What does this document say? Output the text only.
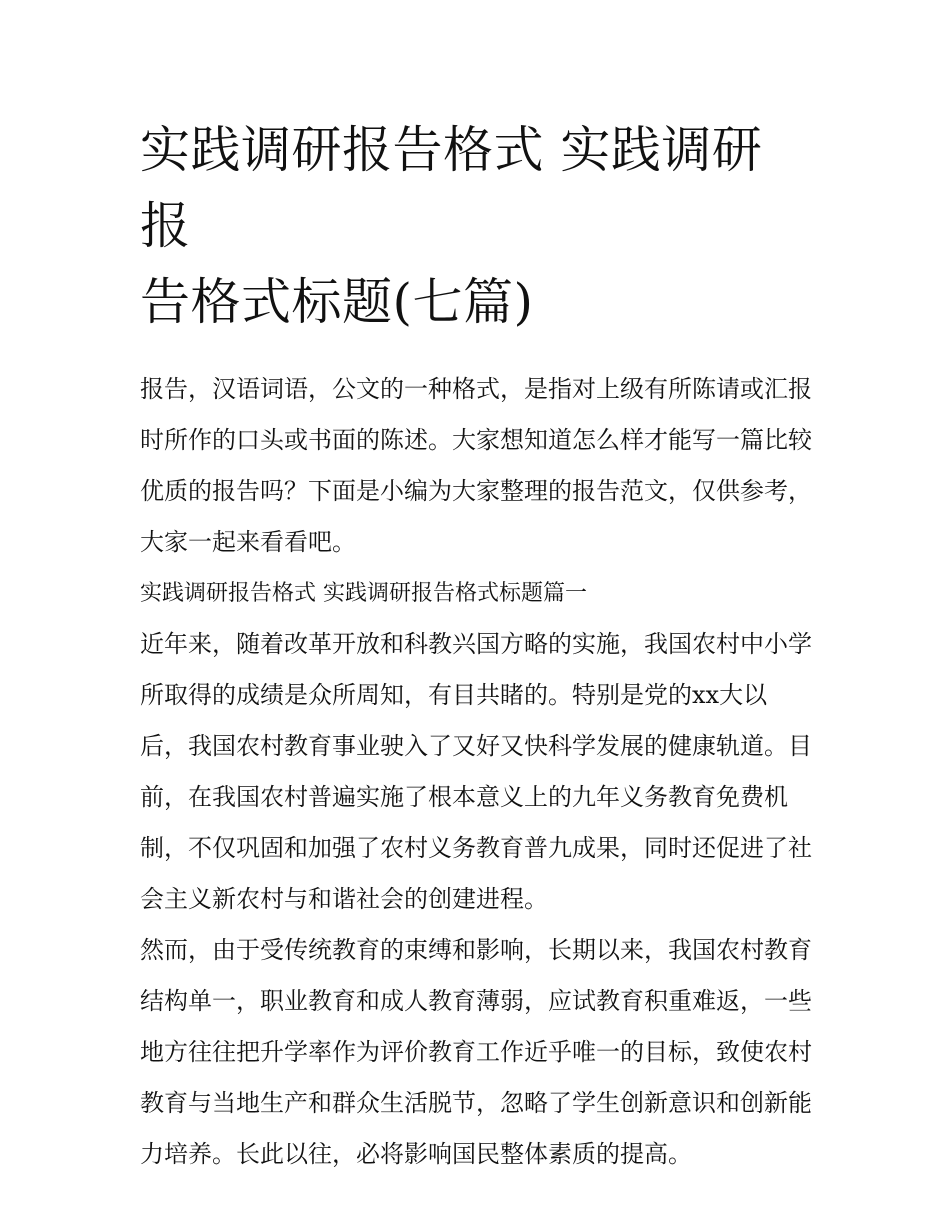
实践调研报告格式 实践调研报
告格式标题(七篇)

报告，汉语词语，公文的一种格式，是指对上级有所陈请或汇报时所作的口头或书面的陈述。大家想知道怎么样才能写一篇比较优质的报告吗？下面是小编为大家整理的报告范文，仅供参考，大家一起来看看吧。

实践调研报告格式 实践调研报告格式标题篇一

近年来，随着改革开放和科教兴国方略的实施，我国农村中小学所取得的成绩是众所周知，有目共睹的。特别是党的xx大以后，我国农村教育事业驶入了又好又快科学发展的健康轨道。目前，在我国农村普遍实施了根本意义上的九年义务教育免费机制，不仅巩固和加强了农村义务教育普九成果，同时还促进了社会主义新农村与和谐社会的创建进程。

然而，由于受传统教育的束缚和影响，长期以来，我国农村教育结构单一，职业教育和成人教育薄弱，应试教育积重难返，一些地方往往把升学率作为评价教育工作近乎唯一的目标，致使农村教育与当地生产和群众生活脱节，忽略了学生创新意识和创新能力培养。长此以往，必将影响国民整体素质的提高。
